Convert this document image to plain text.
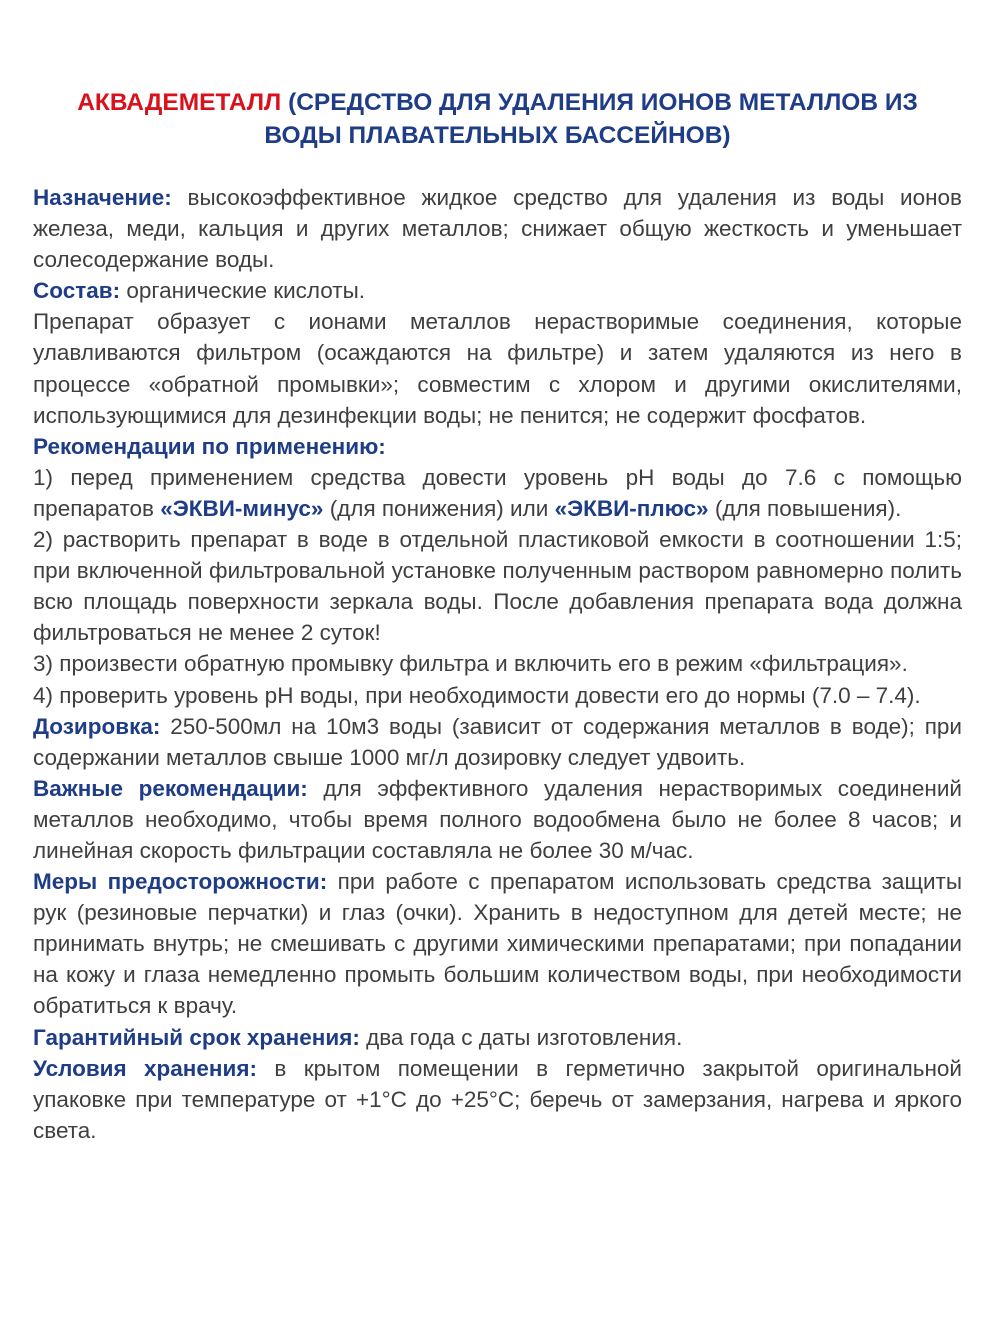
АКВАДЕМЕТАЛЛ (СРЕДСТВО ДЛЯ УДАЛЕНИЯ ИОНОВ МЕТАЛЛОВ ИЗ ВОДЫ ПЛАВАТЕЛЬНЫХ БАССЕЙНОВ)

Назначение: высокоэффективное жидкое средство для удаления из воды ионов железа, меди, кальция и других металлов; снижает общую жесткость и уменьшает солесодержание воды.

Состав: органические кислоты.

Препарат образует с ионами металлов нерастворимые соединения, которые улавливаются фильтром (осаждаются на фильтре) и затем удаляются из него в процессе «обратной промывки»; совместим с хлором и другими окислителями, использующимися для дезинфекции воды; не пенится; не содержит фосфатов.

Рекомендации по применению:

1) перед применением средства довести уровень рН воды до 7.6 с помощью препаратов «ЭКВИ-минус» (для понижения) или «ЭКВИ-плюс» (для повышения).

2) растворить препарат в воде в отдельной пластиковой емкости в соотношении 1:5; при включенной фильтровальной установке полученным раствором равномерно полить всю площадь поверхности зеркала воды. После добавления препарата вода должна фильтроваться не менее 2 суток!

3) произвести обратную промывку фильтра и включить его в режим «фильтрация».

4) проверить уровень рН воды, при необходимости довести его до нормы (7.0 – 7.4).

Дозировка: 250-500мл на 10м3 воды (зависит от содержания металлов в воде); при содержании металлов свыше 1000 мг/л дозировку следует удвоить.

Важные рекомендации: для эффективного удаления нерастворимых соединений металлов необходимо, чтобы время полного водообмена было не более 8 часов; и линейная скорость фильтрации составляла не более 30 м/час.

Меры предосторожности: при работе с препаратом использовать средства защиты рук (резиновые перчатки) и глаз (очки). Хранить в недоступном для детей месте; не принимать внутрь; не смешивать с другими химическими препаратами; при попадании на кожу и глаза немедленно промыть большим количеством воды, при необходимости обратиться к врачу.

Гарантийный срок хранения: два года с даты изготовления.

Условия хранения: в крытом помещении в герметично закрытой оригинальной упаковке при температуре от +1°С до +25°С; беречь от замерзания, нагрева и яркого света.
